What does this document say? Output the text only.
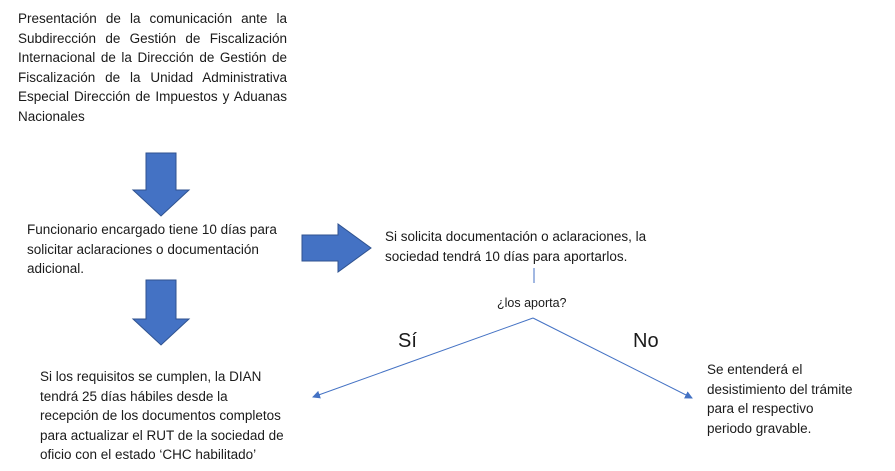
Presentación de la comunicación ante la Subdirección de Gestión de Fiscalización Internacional de la Dirección de Gestión de Fiscalización de la Unidad Administrativa Especial Dirección de Impuestos y Aduanas Nacionales
Funcionario encargado tiene 10 días para
solicitar aclaraciones o documentación
adicional.
Si solicita documentación o aclaraciones, la
sociedad tendrá 10 días para aportarlos.
¿los aporta?
Sí	No
Si los requisitos se cumplen, la DIAN
tendrá 25 días hábiles desde la
recepción de los documentos completos
para actualizar el RUT de la sociedad de
oficio con el estado ‘CHC habilitado’
Se entenderá el
desistimiento del trámite
para el respectivo
periodo gravable.
